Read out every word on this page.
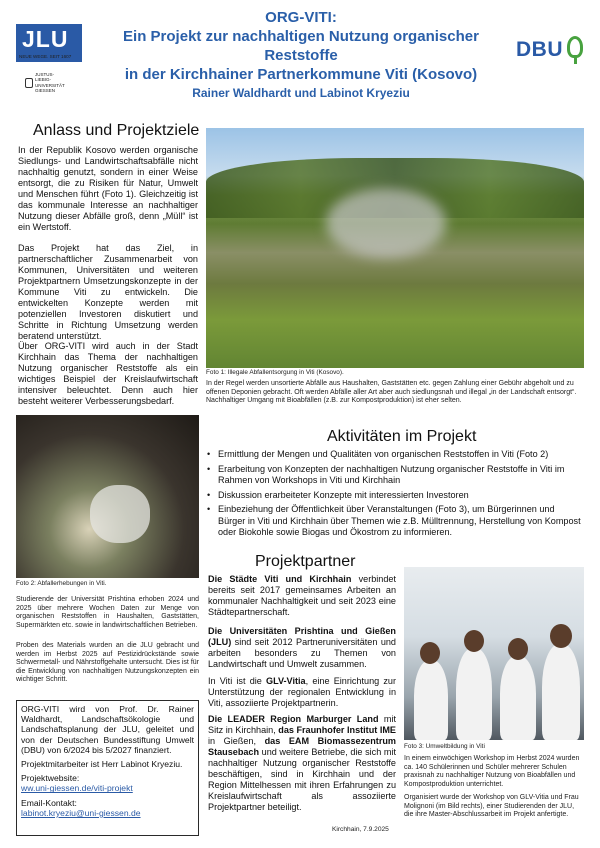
JLU
NEUE WEGE. SEIT 1607
JUSTUS-LIEBIG-UNIVERSITÄT GIESSEN
DBU
ORG-VITI:
Ein Projekt zur nachhaltigen Nutzung organischer Reststoffe
in der Kirchhainer Partnerkommune Viti (Kosovo)
Rainer Waldhardt und Labinot Kryeziu
Anlass und Projektziele

In der Republik Kosovo werden organische Siedlungs- und Landwirtschaftsabfälle nicht nachhaltig genutzt, sondern in einer Weise entsorgt, die zu Risiken für Natur, Umwelt und Menschen führt (Foto 1). Gleichzeitig ist das kommunale Interesse an nachhaltiger Nutzung dieser Abfälle groß, denn „Müll“ ist ein Wertstoff.

Das Projekt hat das Ziel, in partnerschaftlicher Zusammenarbeit von Kommunen, Universitäten und weiteren Projektpartnern Umsetzungskonzepte in der Kommune Viti zu entwickeln. Die entwickelten Konzepte werden mit potenziellen Investoren diskutiert und Schritte in Richtung Umsetzung werden beratend unterstützt.

Über ORG-VITI wird auch in der Stadt Kirchhain das Thema der nachhaltigen Nutzung organischer Reststoffe als ein wichtiges Beispiel der Kreislaufwirtschaft intensiver beleuchtet. Denn auch hier besteht weiterer Verbesserungsbedarf.

Foto 1: Illegale Abfallentsorgung in Viti (Kosovo).

In der Regel werden unsortierte Abfälle aus Haushalten, Gaststätten etc. gegen Zahlung einer Gebühr abgeholt und zu offenen Deponien gebracht. Oft werden Abfälle aller Art aber auch siedlungsnah und illegal „in der Landschaft entsorgt“. Nachhaltiger Umgang mit Bioabfällen (z.B. zur Kompostproduktion) ist eher selten.

Aktivitäten im Projekt
• Ermittlung der Mengen und Qualitäten von organischen Reststoffen in Viti (Foto 2)
• Erarbeitung von Konzepten der nachhaltigen Nutzung organischer Reststoffe in Viti im Rahmen von Workshops in Viti und Kirchhain
• Diskussion erarbeiteter Konzepte mit interessierten Investoren
• Einbeziehung der Öffentlichkeit über Veranstaltungen (Foto 3), um Bürgerinnen und Bürger in Viti und Kirchhain über Themen wie z.B. Mülltrennung, Herstellung von Kompost oder Biokohle sowie Biogas und Ökostrom zu informieren.

Foto 2: Abfallerhebungen in Viti.

Studierende der Universität Prishtina erhoben 2024 und 2025 über mehrere Wochen Daten zur Menge von organischen Reststoffen in Haushalten, Gaststätten, Supermärkten etc. sowie in landwirtschaftlichen Betrieben.

Proben des Materials wurden an die JLU gebracht und werden im Herbst 2025 auf Pestizidrückstände sowie Schwermetall- und Nährstoffgehalte untersucht. Dies ist für die Entwicklung von nachhaltigen Nutzungskonzepten ein wichtiger Schritt.

Projektpartner

Die Städte Viti und Kirchhain verbindet bereits seit 2017 gemeinsames Arbeiten an kommunaler Nachhaltigkeit und seit 2023 eine Städtepartnerschaft.

Die Universitäten Prishtina und Gießen (JLU) sind seit 2012 Partneruniversitäten und arbeiten besonders zu Themen von Landwirtschaft und Umwelt zusammen.

In Viti ist die GLV-Vitia, eine Einrichtung zur Unterstützung der regionalen Entwicklung in Viti, assoziierte Projektpartnerin.

Die LEADER Region Marburger Land mit Sitz in Kirchhain, das Fraunhofer Institut IME in Gießen, das EAM Biomassezentrum Stausebach und weitere Betriebe, die sich mit nachhaltiger Nutzung organischer Reststoffe beschäftigen, sind in Kirchhain und der Region Mittelhessen mit ihren Erfahrungen zu Kreislaufwirtschaft als assoziierte Projektpartner beteiligt.

Foto 3: Umweltbildung in Viti

In einem einwöchigen Workshop im Herbst 2024 wurden ca. 140 Schülerinnen und Schüler mehrerer Schulen praxisnah zu nachhaltiger Nutzung von Bioabfällen und Kompostproduktion unterrichtet.

Organisiert wurde der Workshop von GLV-Vitia und Frau Molignoni (im Bild rechts), einer Studierenden der JLU, die ihre Master-Abschlussarbeit im Projekt anfertigte.

ORG-VITI wird von Prof. Dr. Rainer Waldhardt, Landschaftsökologie und Landschaftsplanung der JLU, geleitet und von der Deutschen Bundesstiftung Umwelt (DBU) von 6/2024 bis 5/2027 finanziert.

Projektmitarbeiter ist Herr Labinot Kryeziu.

Projektwebsite:

ww.uni-giessen.de/viti-projekt

Email-Kontakt:

labinot.kryeziu@uni-giessen.de

Kirchhain, 7.9.2025
